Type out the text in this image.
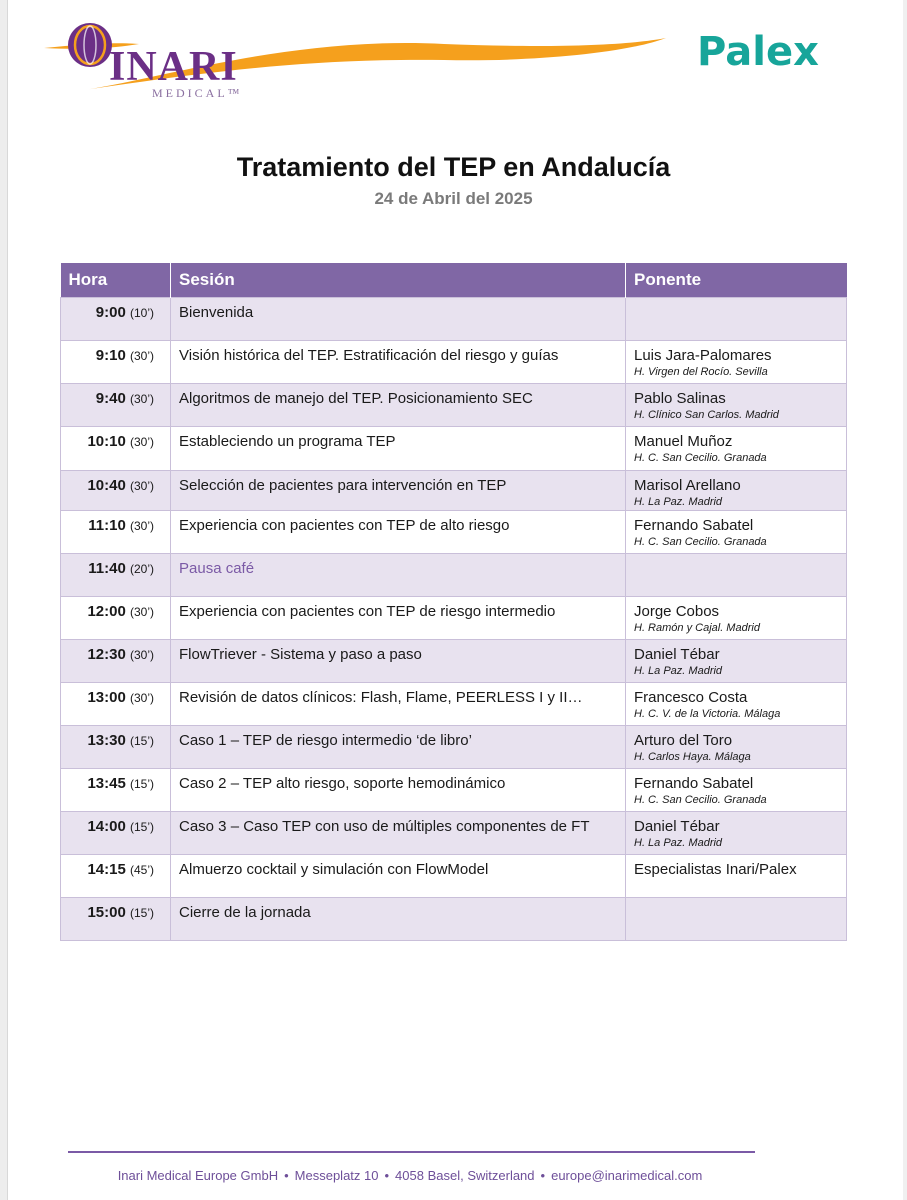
INARI
MEDICAL™
Palex
Tratamiento del TEP en Andalucía
24 de Abril del 2025
Hora	Sesión	Ponente
9:00 (10’)	Bienvenida	

9:10 (30’)	Visión histórica del TEP. Estratificación del riesgo y guías	Luis Jara-Palomares
H. Virgen del Rocío. Sevilla

9:40 (30’)	Algoritmos de manejo del TEP. Posicionamiento SEC	Pablo Salinas
H. Clínico San Carlos. Madrid

10:10 (30’)	Estableciendo un programa TEP	Manuel Muñoz
H. C. San Cecilio. Granada

10:40 (30’)	Selección de pacientes para intervención en TEP	Marisol Arellano
H. La Paz. Madrid

11:10 (30’)	Experiencia con pacientes con TEP de alto riesgo	Fernando Sabatel
H. C. San Cecilio. Granada

11:40 (20’)	Pausa café	

12:00 (30’)	Experiencia con pacientes con TEP de riesgo intermedio	Jorge Cobos
H. Ramón y Cajal. Madrid

12:30 (30’)	FlowTriever - Sistema y paso a paso	Daniel Tébar
H. La Paz. Madrid

13:00 (30’)	Revisión de datos clínicos: Flash, Flame, PEERLESS I y II…	Francesco Costa
H. C. V. de la Victoria. Málaga

13:30 (15’)	Caso 1 – TEP de riesgo intermedio ‘de libro’	Arturo del Toro
H. Carlos Haya. Málaga

13:45 (15’)	Caso 2 – TEP alto riesgo, soporte hemodinámico	Fernando Sabatel
H. C. San Cecilio. Granada

14:00 (15’)	Caso 3 – Caso TEP con uso de múltiples componentes de FT	Daniel Tébar
H. La Paz. Madrid

14:15 (45’)	Almuerzo cocktail y simulación con FlowModel	Especialistas Inari/Palex

15:00 (15’)	Cierre de la jornada	
Inari Medical Europe GmbH • Messeplatz 10 • 4058 Basel, Switzerland • europe@inarimedical.com
